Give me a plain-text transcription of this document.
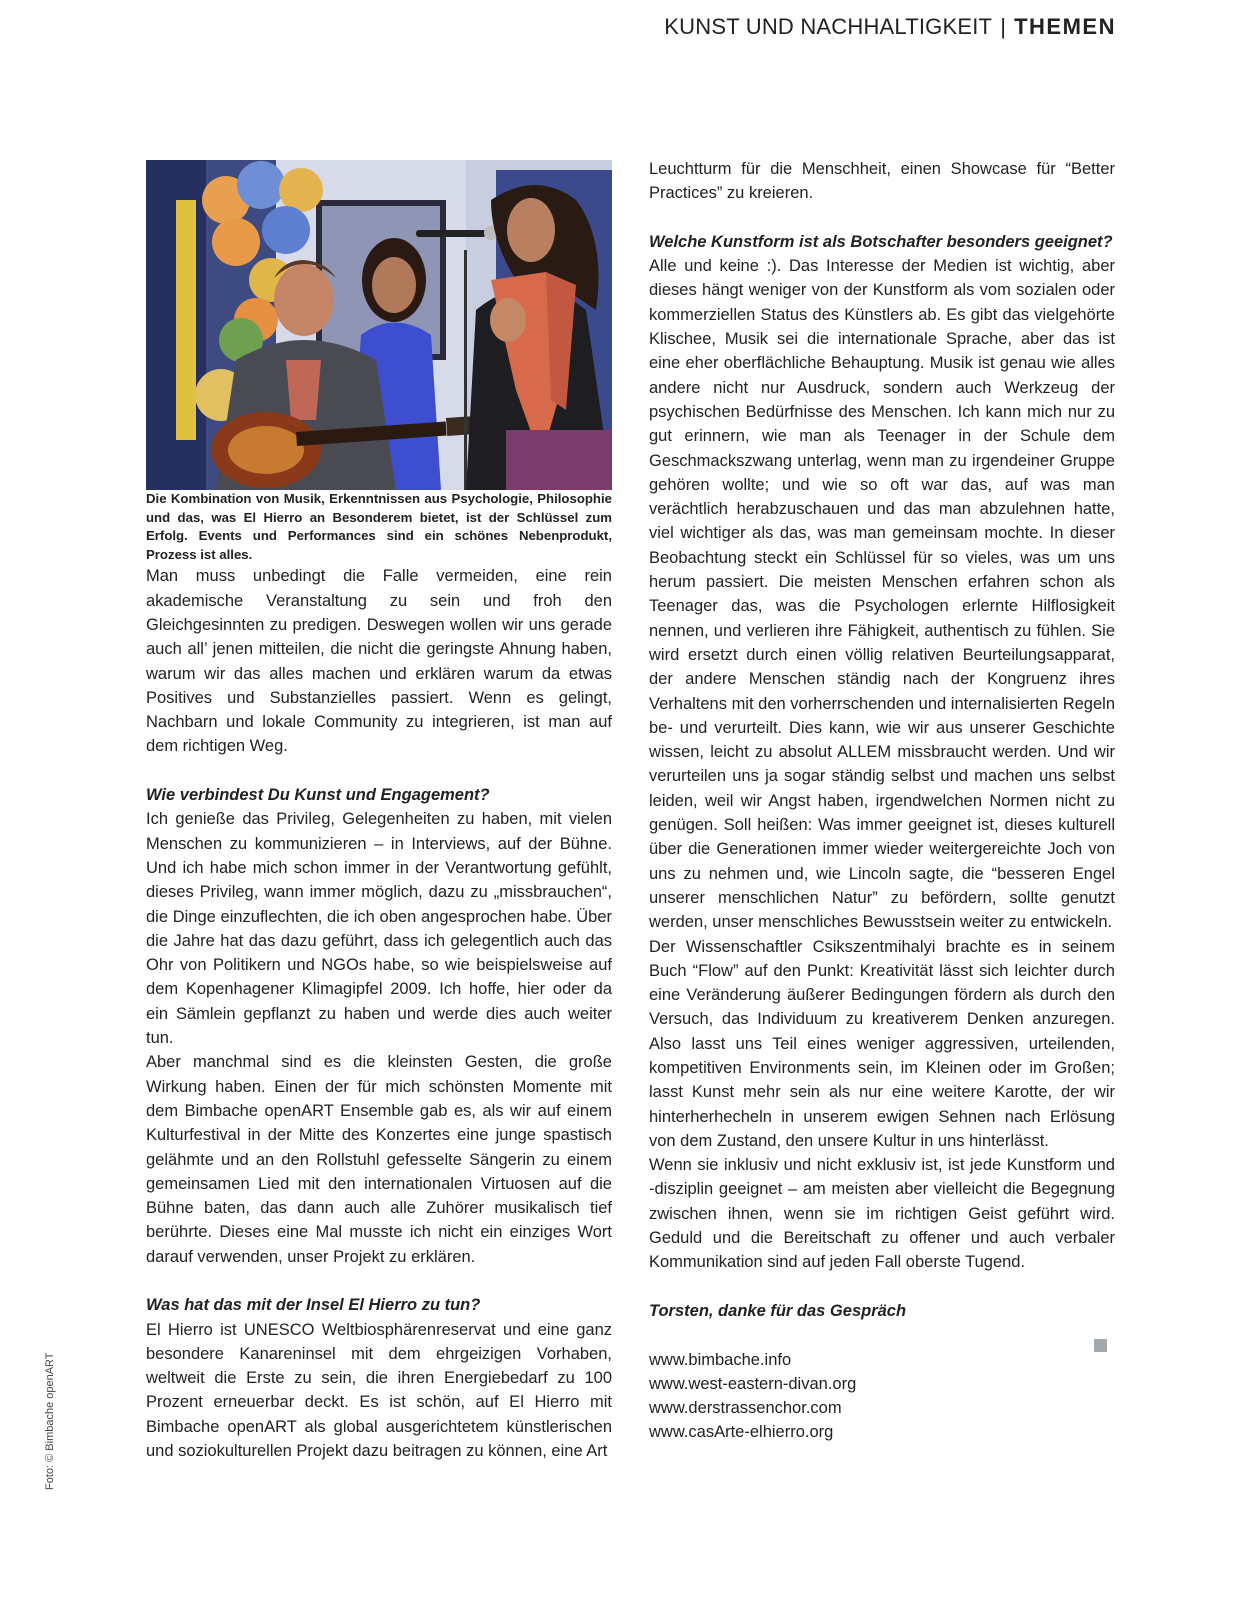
KUNST UND NACHHALTIGKEIT | THEMEN
Foto: © Bimbache openART

Die Kombination von Musik, Erkenntnissen aus Psychologie, Philosophie und das, was El Hierro an Besonderem bietet, ist der Schlüssel zum Erfolg. Events und Performances sind ein schönes Nebenprodukt, Prozess ist alles.

Man muss unbedingt die Falle vermeiden, eine rein akademische Veranstaltung zu sein und froh den Gleichgesinnten zu predigen. Deswegen wollen wir uns gerade auch all’ jenen mitteilen, die nicht die geringste Ahnung haben, warum wir das alles machen und erklären warum da etwas Positives und Substanzielles passiert. Wenn es gelingt, Nachbarn und lokale Community zu integrieren, ist man auf dem richtigen Weg.

Wie verbindest Du Kunst und Engagement?

Ich genieße das Privileg, Gelegenheiten zu haben, mit vielen Menschen zu kommunizieren – in Interviews, auf der Bühne. Und ich habe mich schon immer in der Verantwortung gefühlt, dieses Privileg, wann immer möglich, dazu zu „missbrauchen“, die Dinge einzuflechten, die ich oben angesprochen habe. Über die Jahre hat das dazu geführt, dass ich gelegentlich auch das Ohr von Politikern und NGOs habe, so wie beispielsweise auf dem Kopenhagener Klimagipfel 2009. Ich hoffe, hier oder da ein Sämlein gepflanzt zu haben und werde dies auch weiter tun.

Aber manchmal sind es die kleinsten Gesten, die große Wirkung haben. Einen der für mich schönsten Momente mit dem Bimbache openART Ensemble gab es, als wir auf einem Kulturfestival in der Mitte des Konzertes eine junge spastisch gelähmte und an den Rollstuhl gefesselte Sängerin zu einem gemeinsamen Lied mit den internationalen Virtuosen auf die Bühne baten, das dann auch alle Zuhörer musikalisch tief berührte. Dieses eine Mal musste ich nicht ein einziges Wort darauf verwenden, unser Projekt zu erklären.

Was hat das mit der Insel El Hierro zu tun?

El Hierro ist UNESCO Weltbiosphärenreservat und eine ganz besondere Kanareninsel mit dem ehrgeizigen Vorhaben, weltweit die Erste zu sein, die ihren Energiebedarf zu 100 Prozent erneuerbar deckt. Es ist schön, auf El Hierro mit Bimbache openART als global ausgerichtetem künstlerischen und soziokulturellen Projekt dazu beitragen zu können, eine Art

Leuchtturm für die Menschheit, einen Showcase für “Better Practices” zu kreieren.

Welche Kunstform ist als Botschafter besonders geeignet?

Alle und keine :). Das Interesse der Medien ist wichtig, aber dieses hängt weniger von der Kunstform als vom sozialen oder kommerziellen Status des Künstlers ab. Es gibt das vielgehörte Klischee, Musik sei die internationale Sprache, aber das ist eine eher oberflächliche Behauptung. Musik ist genau wie alles andere nicht nur Ausdruck, sondern auch Werkzeug der psychischen Bedürfnisse des Menschen. Ich kann mich nur zu gut erinnern, wie man als Teenager in der Schule dem Geschmackszwang unterlag, wenn man zu irgendeiner Gruppe gehören wollte; und wie so oft war das, auf was man verächtlich herabzuschauen und das man abzulehnen hatte, viel wichtiger als das, was man gemeinsam mochte. In dieser Beobachtung steckt ein Schlüssel für so vieles, was um uns herum passiert. Die meisten Menschen erfahren schon als Teenager das, was die Psychologen erlernte Hilflosigkeit nennen, und verlieren ihre Fähigkeit, authentisch zu fühlen. Sie wird ersetzt durch einen völlig relativen Beurteilungsapparat, der andere Menschen ständig nach der Kongruenz ihres Verhaltens mit den vorherrschenden und internalisierten Regeln be- und verurteilt. Dies kann, wie wir aus unserer Geschichte wissen, leicht zu absolut ALLEM missbraucht werden. Und wir verurteilen uns ja sogar ständig selbst und machen uns selbst leiden, weil wir Angst haben, irgendwelchen Normen nicht zu genügen. Soll heißen: Was immer geeignet ist, dieses kulturell über die Generationen immer wieder weitergereichte Joch von uns zu nehmen und, wie Lincoln sagte, die “besseren Engel unserer menschlichen Natur” zu befördern, sollte genutzt werden, unser menschliches Bewusstsein weiter zu entwickeln.

Der Wissenschaftler Csikszentmihalyi brachte es in seinem Buch “Flow” auf den Punkt: Kreativität lässt sich leichter durch eine Veränderung äußerer Bedingungen fördern als durch den Versuch, das Individuum zu kreativerem Denken anzuregen. Also lasst uns Teil eines weniger aggressiven, urteilenden, kompetitiven Environments sein, im Kleinen oder im Großen; lasst Kunst mehr sein als nur eine weitere Karotte, der wir hinterherhecheln in unserem ewigen Sehnen nach Erlösung von dem Zustand, den unsere Kultur in uns hinterlässt.

Wenn sie inklusiv und nicht exklusiv ist, ist jede Kunstform und -disziplin geeignet – am meisten aber vielleicht die Begegnung zwischen ihnen, wenn sie im richtigen Geist geführt wird. Geduld und die Bereitschaft zu offener und auch verbaler Kommunikation sind auf jeden Fall oberste Tugend.

Torsten, danke für das Gespräch

www.bimbache.info

www.west-eastern-divan.org

www.derstrassenchor.com

www.casArte-elhierro.org
